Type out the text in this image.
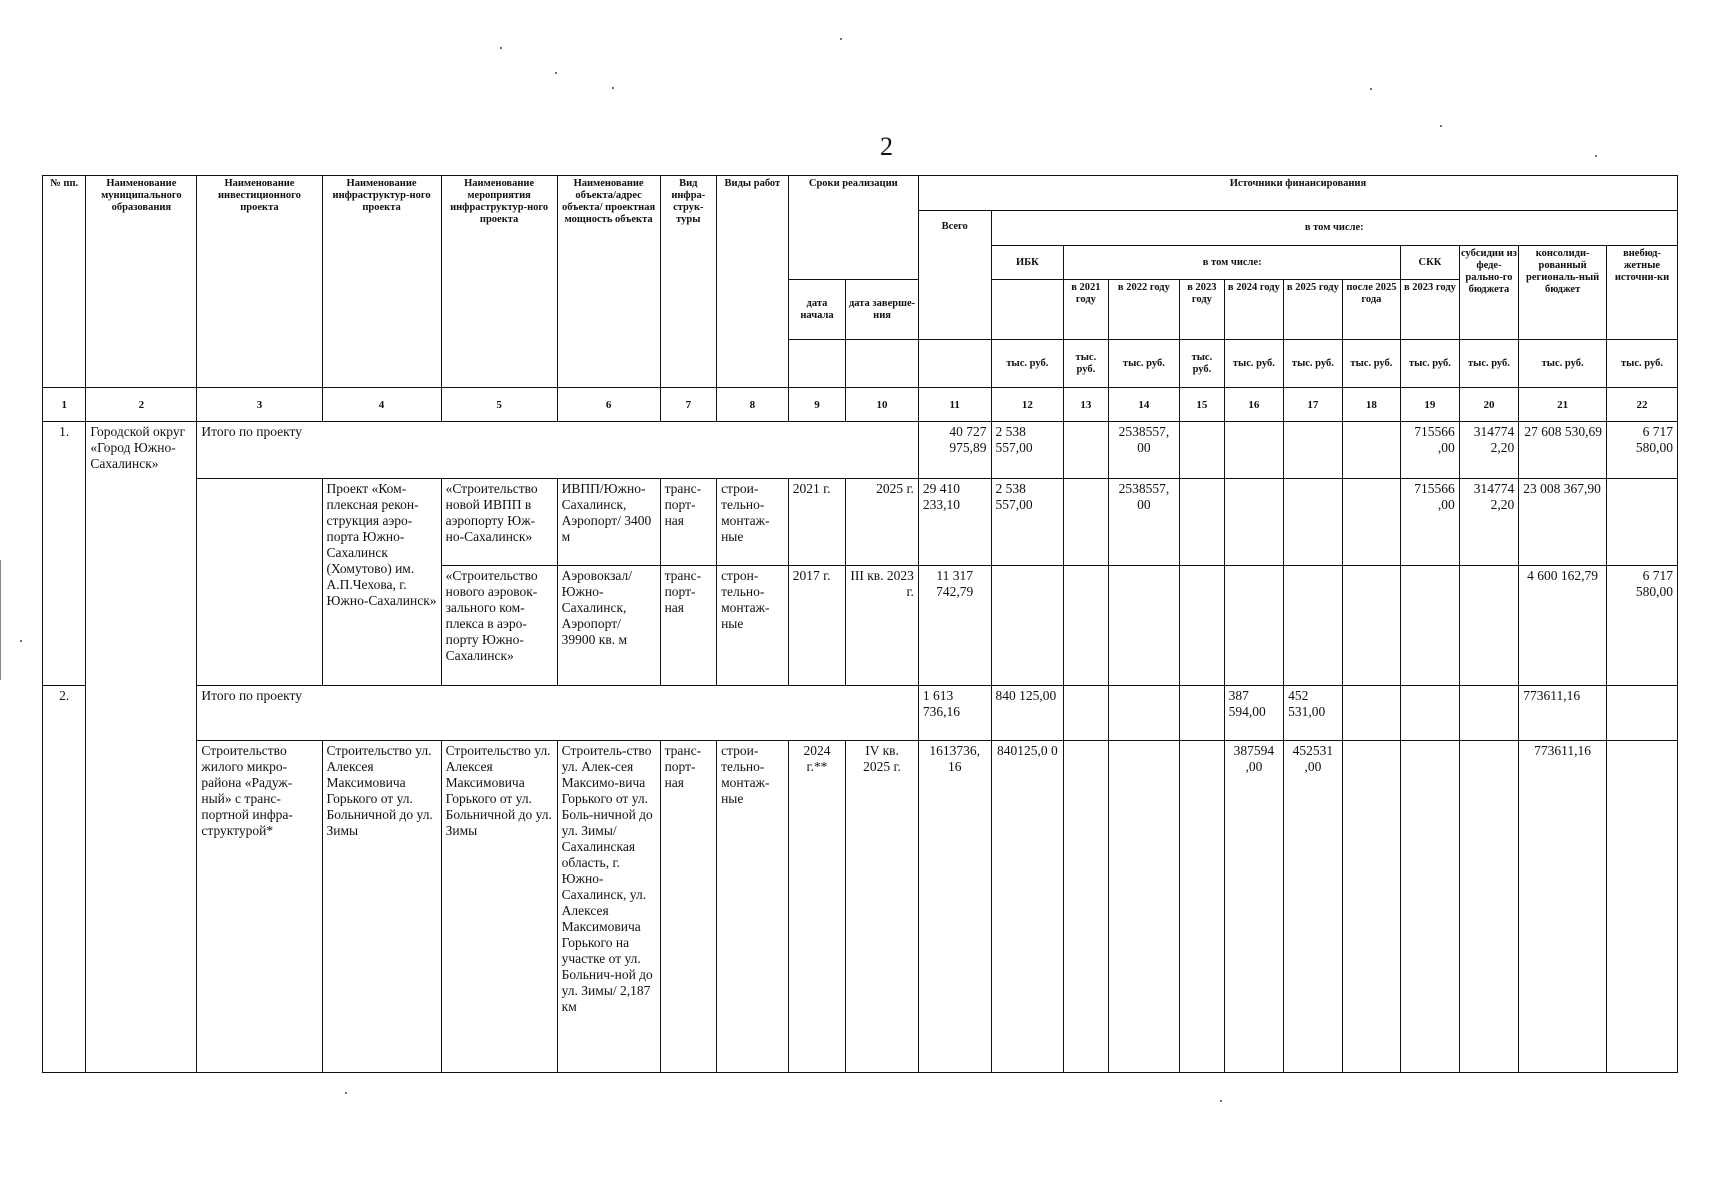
2
№ пп.	Наименование муниципального образования	Наименование инвестиционного проекта	Наименование инфраструктур-ного проекта	Наименование мероприятия инфраструктур-ного проекта	Наименование объекта/адрес объекта/ проектная мощность объекта	Вид инфра-струк-туры	Виды работ	Сроки реализации		Источники финансирования											
										Всего	в том числе:										
											ИБК	в том числе:						СКК	субсидии из феде-рально-го бюджета	консолиди-рованный региональ-ный бюджет	внебюд-жетные источни-ки
								дата начала	дата заверше-ния			в 2021 году	в 2022 году	в 2023 году	в 2024 году	в 2025 году	после 2025 года	в 2023 году			
											тыс. руб.	тыс. руб.	тыс. руб.	тыс. руб.	тыс. руб.	тыс. руб.	тыс. руб.	тыс. руб.	тыс. руб.	тыс. руб.	тыс. руб.
1	2	3	4	5	6	7	8	9	10	11	12	13	14	15	16	17	18	19	20	21	22
1.	Городской округ «Город Южно-Сахалинск»	Итого по проекту								40 727 975,89	2 538 557,00		2538557, 00					715566 ,00	314774 2,20	27 608 530,69	6 717 580,00
			Проект «Ком-плексная рекон-струкция аэро-порта Южно-Сахалинск (Хомутово) им. А.П.Чехова, г. Южно-Сахалинск»	«Строительство новой ИВПП в аэропорту Юж-но-Сахалинск»	ИВПП/Южно-Сахалинск, Аэропорт/ 3400 м	транс-порт-ная	строи-тельно-монтаж-ные	2021 г.	2025 г.	29 410 233,10	2 538 557,00		2538557, 00					715566 ,00	314774 2,20	23 008 367,90	
				«Строительство нового аэровок-зального ком-плекса в аэро-порту Южно-Сахалинск»	Аэровокзал/ Южно-Сахалинск, Аэропорт/ 39900 кв. м	транс-порт-ная	строн-тельно-монтаж-ные	2017 г.	III кв. 2023 г.	11 317 742,79										4 600 162,79	6 717 580,00
2.		Итого по проекту								1 613 736,16	840 125,00				387 594,00	452 531,00				773611,16	
		Строительство жилого микро-района «Радуж-ный» с транс-портной инфра-структурой*	Строительство ул. Алексея Максимовича Горького от ул. Больничной до ул. Зимы	Строительство ул. Алексея Максимовича Горького от ул. Больничной до ул. Зимы	Строитель-ство ул. Алек-сея Максимо-вича Горького от ул. Боль-ничной до ул. Зимы/ Сахалинская область, г. Южно-Сахалинск, ул. Алексея Максимовича Горького на участке от ул. Больнич-ной до ул. Зимы/ 2,187 км	транс-порт-ная	строи-тельно-монтаж-ные	2024 г.**	IV кв. 2025 г.	1613736, 16	840125,0 0				387594 ,00	452531 ,00				773611,16	
